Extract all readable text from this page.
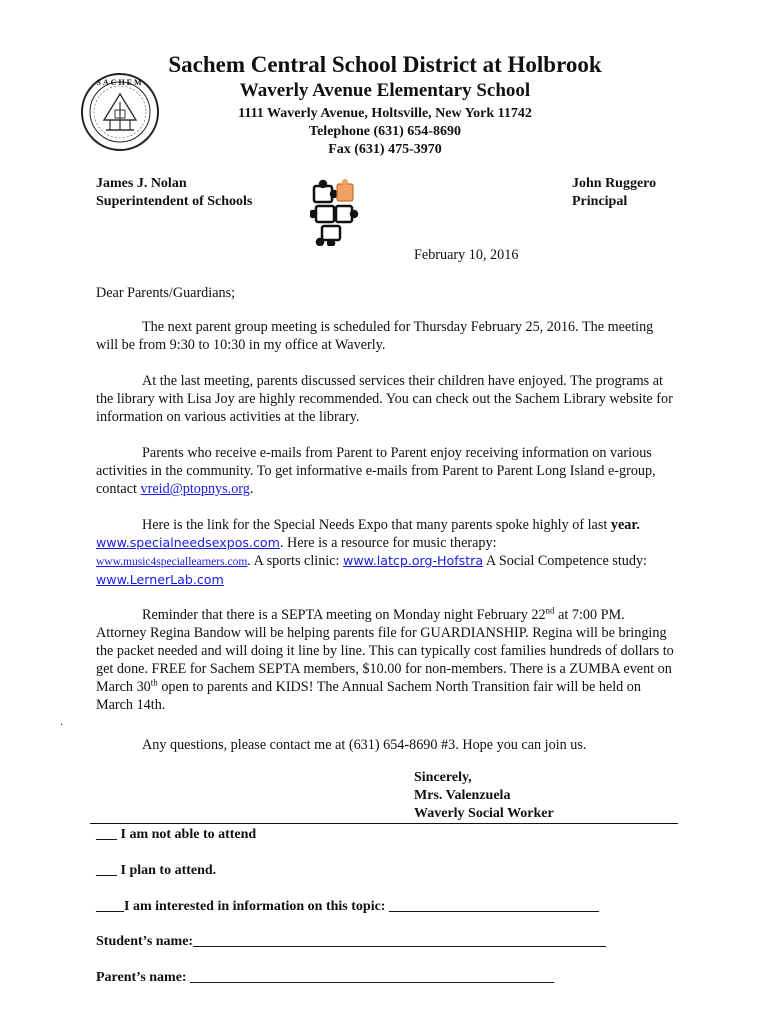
SACHEM
Sachem Central School District at Holbrook
Waverly Avenue Elementary School
1111 Waverly Avenue, Holtsville, New York 11742
Telephone (631) 654-8690
Fax (631) 475-3970
James J. Nolan
Superintendent of Schools
John Ruggero
Principal
February 10, 2016
Dear Parents/Guardians;
The next parent group meeting is scheduled for Thursday February 25, 2016. The meeting will be from 9:30 to 10:30 in my office at Waverly.
At the last meeting, parents discussed services their children have enjoyed. The programs at the library with Lisa Joy are highly recommended. You can check out the Sachem Library website for information on various activities at the library.
Parents who receive e-mails from Parent to Parent enjoy receiving information on various activities in the community. To get informative e-mails from Parent to Parent Long Island e-group, contact vreid@ptopnys.org.
Here is the link for the Special Needs Expo that many parents spoke highly of last year.
www.specialneedsexpos.com. Here is a resource for music therapy:
www.music4speciallearners.com. A sports clinic: www.latcp.org-Hofstra A Social Competence study: www.LernerLab.com
Reminder that there is a SEPTA meeting on Monday night February 22nd at 7:00 PM. Attorney Regina Bandow will be helping parents file for GUARDIANSHIP. Regina will be bringing the packet needed and will doing it line by line. This can typically cost families hundreds of dollars to get done. FREE for Sachem SEPTA members, $10.00 for non-members. There is a ZUMBA event on March 30th open to parents and KIDS! The Annual Sachem North Transition fair will be held on March 14th.
.
Any questions, please contact me at (631) 654-8690 #3. Hope you can join us.
Sincerely,
Mrs. Valenzuela
Waverly Social Worker
___ I am not able to attend
___ I plan to attend.
____I am interested in information on this topic: ______________________________
Student’s name:___________________________________________________________
Parent’s name: ____________________________________________________
